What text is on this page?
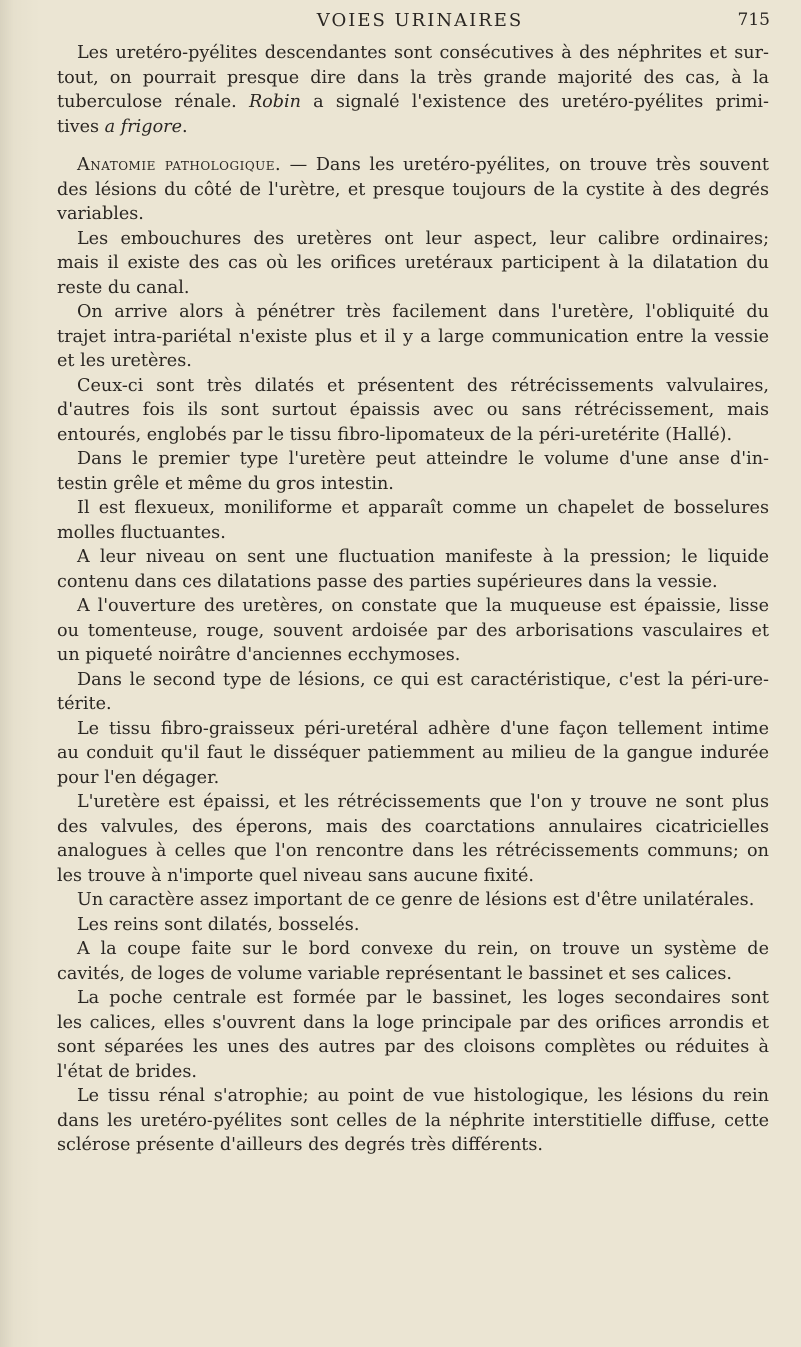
VOIES URINAIRES	715
Les uretéro-pyélites descendantes sont consécutives à des néphrites et sur-
tout, on pourrait presque dire dans la très grande majorité des cas, à la
tuberculose rénale. Robin a signalé l'existence des uretéro-pyélites primi-
tives a frigore.
Anatomie pathologique. — Dans les uretéro-pyélites, on trouve très souvent
des lésions du côté de l'urètre, et presque toujours de la cystite à des degrés
variables.
Les embouchures des uretères ont leur aspect, leur calibre ordinaires;
mais il existe des cas où les orifices uretéraux participent à la dilatation du
reste du canal.
On arrive alors à pénétrer très facilement dans l'uretère, l'obliquité du
trajet intra-pariétal n'existe plus et il y a large communication entre la vessie
et les uretères.
Ceux-ci sont très dilatés et présentent des rétrécissements valvulaires,
d'autres fois ils sont surtout épaissis avec ou sans rétrécissement, mais
entourés, englobés par le tissu fibro-lipomateux de la péri-uretérite (Hallé).
Dans le premier type l'uretère peut atteindre le volume d'une anse d'in-
testin grêle et même du gros intestin.
Il est flexueux, moniliforme et apparaît comme un chapelet de bosselures
molles fluctuantes.
A leur niveau on sent une fluctuation manifeste à la pression; le liquide
contenu dans ces dilatations passe des parties supérieures dans la vessie.
A l'ouverture des uretères, on constate que la muqueuse est épaissie, lisse
ou tomenteuse, rouge, souvent ardoisée par des arborisations vasculaires et
un piqueté noirâtre d'anciennes ecchymoses.
Dans le second type de lésions, ce qui est caractéristique, c'est la péri-ure-
térite.
Le tissu fibro-graisseux péri-uretéral adhère d'une façon tellement intime
au conduit qu'il faut le disséquer patiemment au milieu de la gangue indurée
pour l'en dégager.
L'uretère est épaissi, et les rétrécissements que l'on y trouve ne sont plus
des valvules, des éperons, mais des coarctations annulaires cicatricielles
analogues à celles que l'on rencontre dans les rétrécissements communs; on
les trouve à n'importe quel niveau sans aucune fixité.
Un caractère assez important de ce genre de lésions est d'être unilatérales.
Les reins sont dilatés, bosselés.
A la coupe faite sur le bord convexe du rein, on trouve un système de
cavités, de loges de volume variable représentant le bassinet et ses calices.
La poche centrale est formée par le bassinet, les loges secondaires sont
les calices, elles s'ouvrent dans la loge principale par des orifices arrondis et
sont séparées les unes des autres par des cloisons complètes ou réduites à
l'état de brides.
Le tissu rénal s'atrophie; au point de vue histologique, les lésions du rein
dans les uretéro-pyélites sont celles de la néphrite interstitielle diffuse, cette
sclérose présente d'ailleurs des degrés très différents.
